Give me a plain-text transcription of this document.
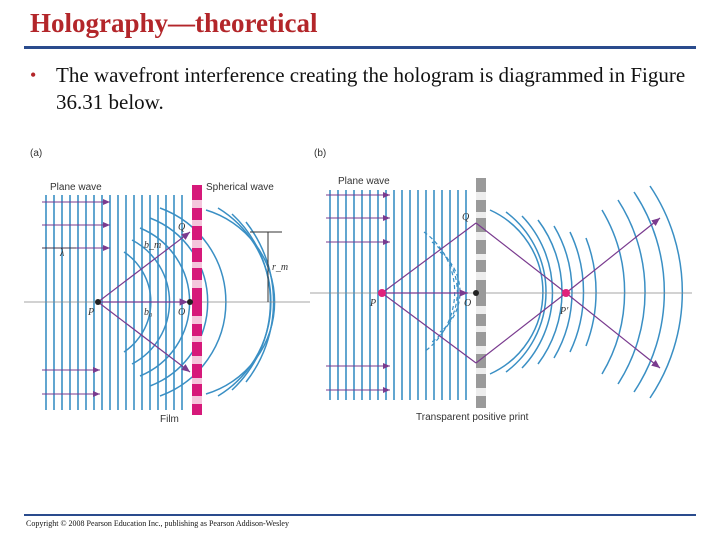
Holography—theoretical
• The wavefront interference creating the hologram is diagrammed in Figure 36.31 below.
(a)
Plane wave	Spherical wave
λ
P	O
Q
b_m
b₀
r_m
Film
(b)
Plane wave
P	O
Q
P′
Transparent positive print
Copyright © 2008 Pearson Education Inc., publishing as Pearson Addison-Wesley
